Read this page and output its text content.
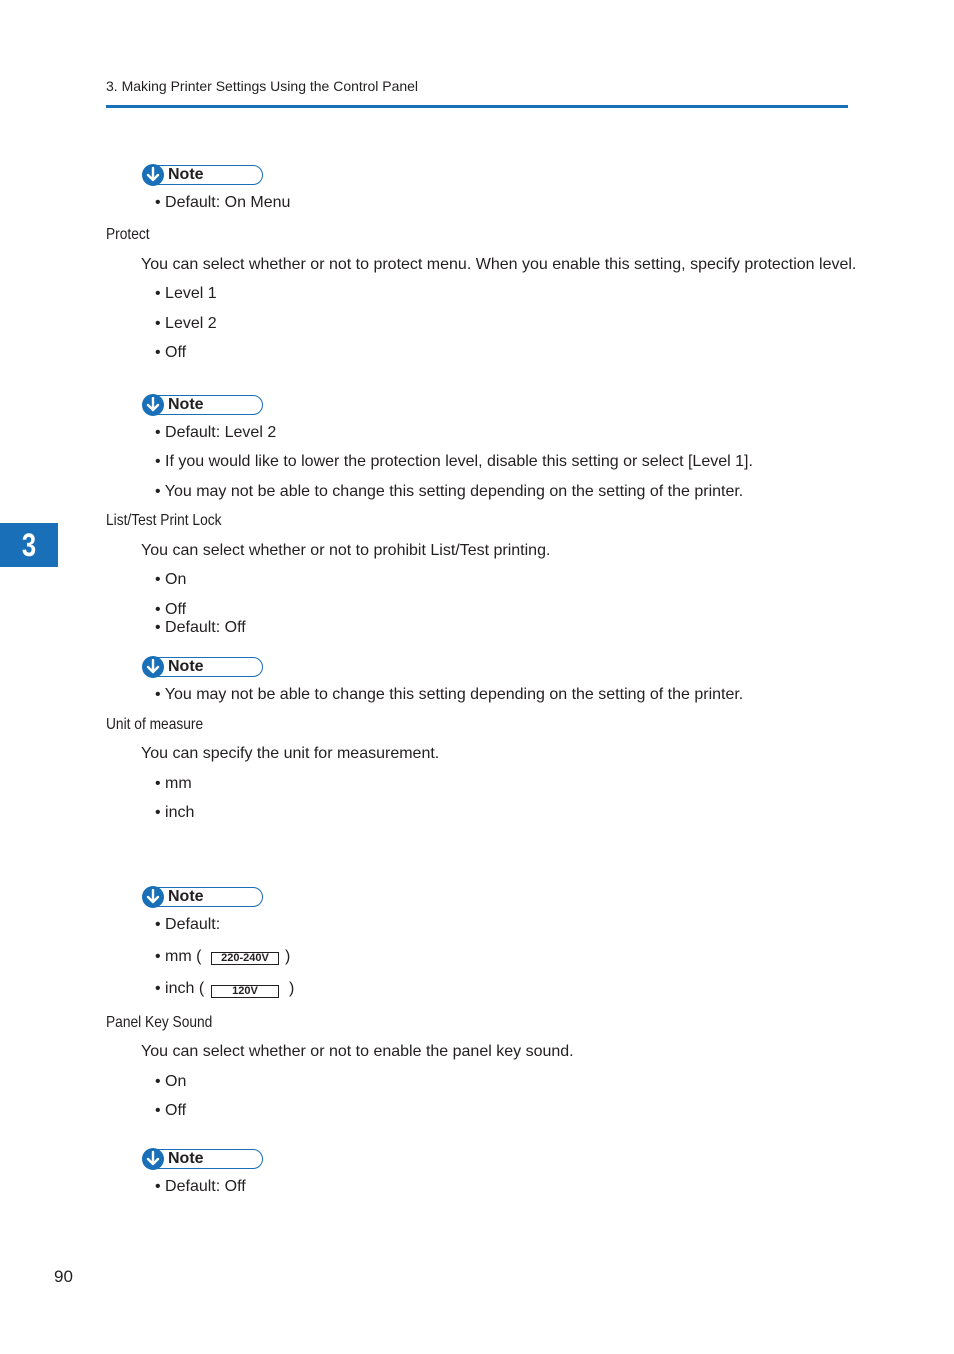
3. Making Printer Settings Using the Control Panel
3
Note
• Default: On Menu
Protect
You can select whether or not to protect menu. When you enable this setting, specify protection level.
• Level 1
• Level 2
• Off
Note
• Default: Level 2
• If you would like to lower the protection level, disable this setting or select [Level 1].
• You may not be able to change this setting depending on the setting of the printer.
List/Test Print Lock
You can select whether or not to prohibit List/Test printing.
• On
• Off
• Default: Off
Note
• You may not be able to change this setting depending on the setting of the printer.
Unit of measure
You can specify the unit for measurement.
• mm
• inch
Note
• Default:
• mm (	220-240V	)
• inch (	120V	)
Panel Key Sound
You can select whether or not to enable the panel key sound.
• On
• Off
Note
• Default: Off
90
